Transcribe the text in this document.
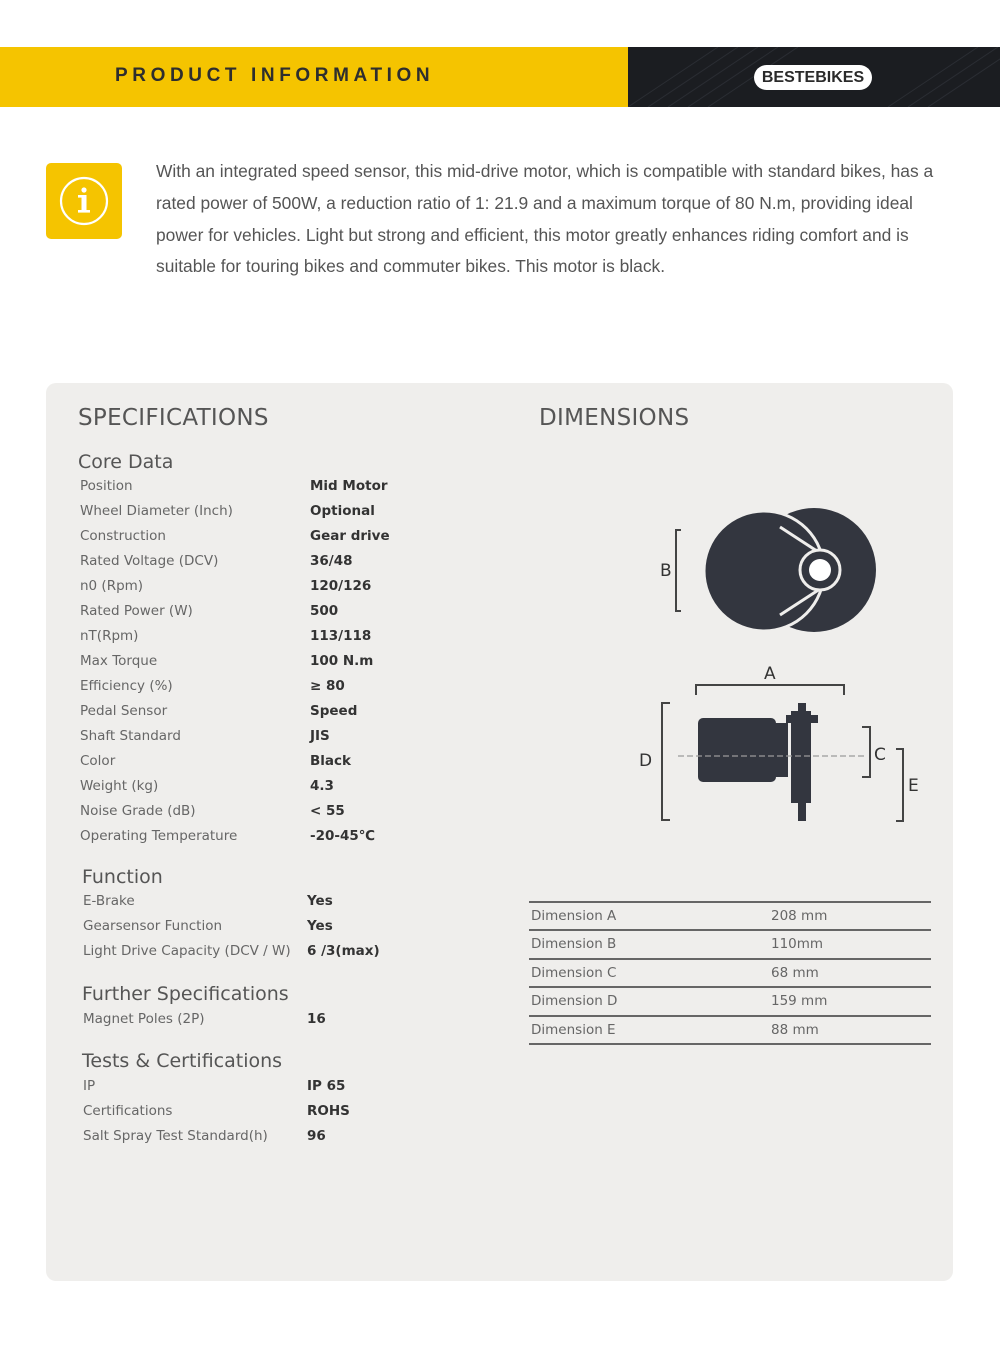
PRODUCT INFORMATION	BESTEBIKES
With an integrated speed sensor, this mid-drive motor, which is compatible with standard bikes, has a rated power of 500W, a reduction ratio of 1: 21.9 and a maximum torque of 80 N.m, providing ideal power for vehicles. Light but strong and efficient, this motor greatly enhances riding comfort and is suitable for touring bikes and commuter bikes. This motor is black.
SPECIFICATIONS	DIMENSIONS
Core Data
Position	Mid Motor
Wheel Diameter (Inch)	Optional
Construction	Gear drive
Rated Voltage (DCV)	36/48
n0 (Rpm)	120/126
Rated Power (W)	500
nT(Rpm)	113/118
Max Torque	100 N.m
Efficiency (%)	≥ 80
Pedal Sensor	Speed
Shaft Standard	JIS
Color	Black
Weight (kg)	4.3
Noise Grade (dB)	< 55
Operating Temperature	-20-45℃
Function
E-Brake	Yes
Gearsensor Function	Yes
Light Drive Capacity (DCV / W) 6 /3(max)
Further Specifications
Magnet Poles (2P)	16
Tests & Certifications
IP	IP 65
Certifications	ROHS
Salt Spray Test Standard(h)	96
B
A
D	C
E
Dimension A	208 mm
Dimension B	110mm
Dimension C	68 mm
Dimension D	159 mm
Dimension E	88 mm
